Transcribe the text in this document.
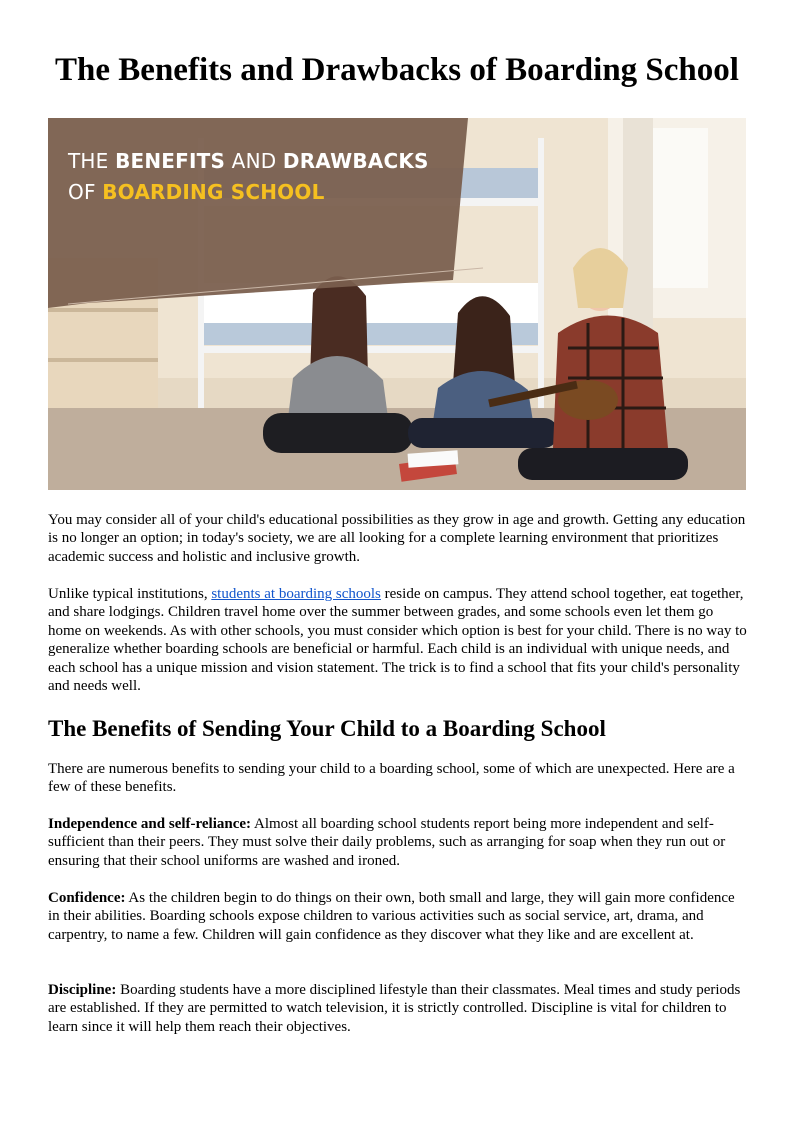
The Benefits and Drawbacks of Boarding School
THE BENEFITS AND DRAWBACKS
OF BOARDING SCHOOL

You may consider all of your child's educational possibilities as they grow in age and growth. Getting any education is no longer an option; in today's society, we are all looking for a complete learning environment that prioritizes academic success and holistic and inclusive growth.

Unlike typical institutions, students at boarding schools reside on campus. They attend school together, eat together, and share lodgings. Children travel home over the summer between grades, and some schools even let them go home on weekends. As with other schools, you must consider which option is best for your child. There is no way to generalize whether boarding schools are beneficial or harmful. Each child is an individual with unique needs, and each school has a unique mission and vision statement. The trick is to find a school that fits your child's personality and needs well.

The Benefits of Sending Your Child to a Boarding School

There are numerous benefits to sending your child to a boarding school, some of which are unexpected. Here are a few of these benefits.

Independence and self-reliance: Almost all boarding school students report being more independent and self-sufficient than their peers. They must solve their daily problems, such as arranging for soap when they run out or ensuring that their school uniforms are washed and ironed.

Confidence: As the children begin to do things on their own, both small and large, they will gain more confidence in their abilities. Boarding schools expose children to various activities such as social service, art, drama, and carpentry, to name a few. Children will gain confidence as they discover what they like and are excellent at.

Discipline: Boarding students have a more disciplined lifestyle than their classmates. Meal times and study periods are established. If they are permitted to watch television, it is strictly controlled. Discipline is vital for children to learn since it will help them reach their objectives.
